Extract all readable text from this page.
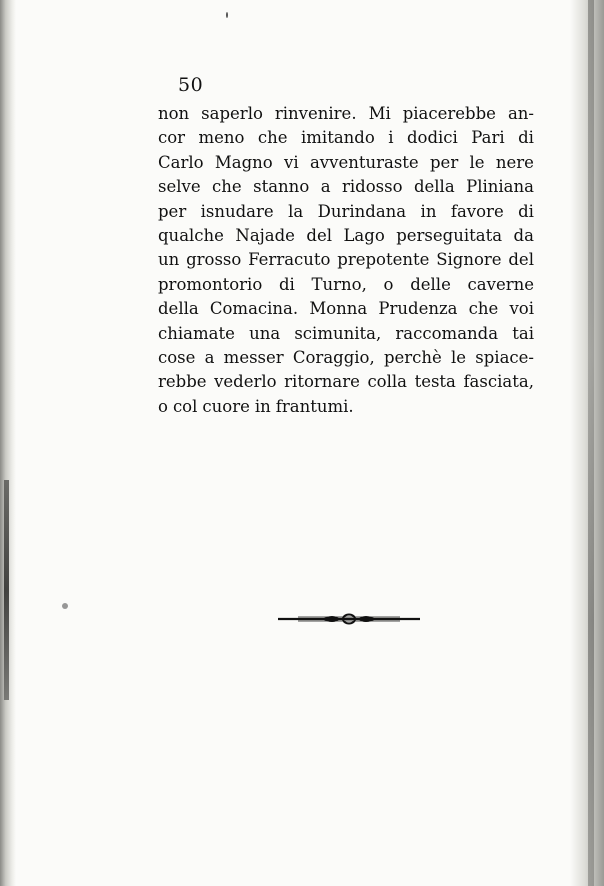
50
non saperlo rinvenire. Mi piacerebbe an-
cor meno che imitando i dodici Pari di
Carlo Magno vi avventuraste per le nere
selve che stanno a ridosso della Pliniana
per isnudare la Durindana in favore di
qualche Najade del Lago perseguitata da
un grosso Ferracuto prepotente Signore del
promontorio di Turno, o delle caverne
della Comacina. Monna Prudenza che voi
chiamate una scimunita, raccomanda tai
cose a messer Coraggio, perchè le spiace-
rebbe vederlo ritornare colla testa fasciata,
o col cuore in frantumi.
